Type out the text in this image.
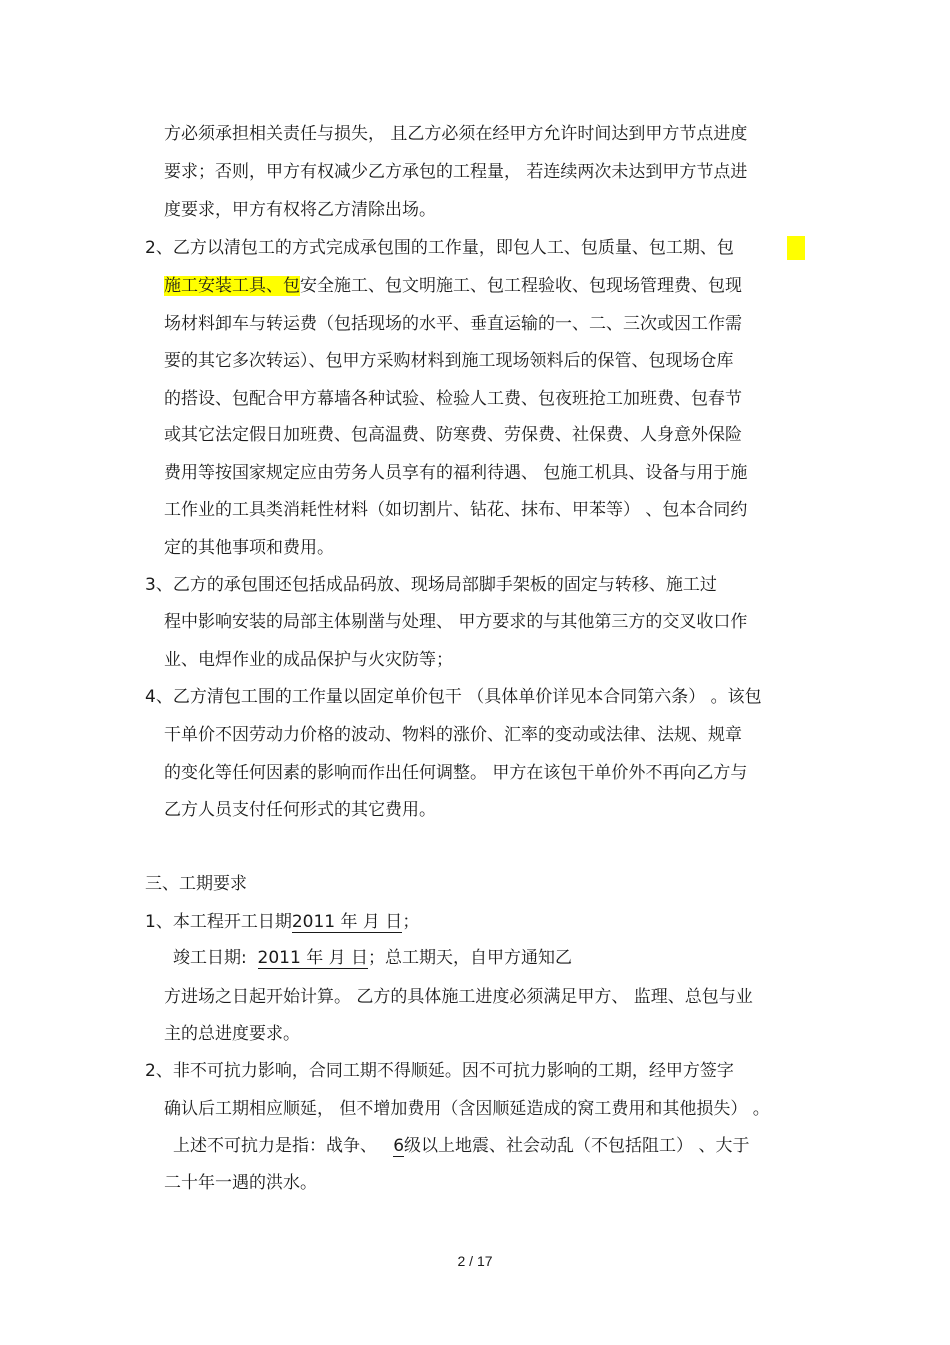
方必须承担相关责任与损失， 且乙方必须在经甲方允许时间达到甲方节点进度
要求；否则，甲方有权减少乙方承包的工程量， 若连续两次未达到甲方节点进
度要求，甲方有权将乙方清除出场。
2、乙方以清包工的方式完成承包围的工作量，即包人工、包质量、包工期、包
施工安装工具、包安全施工、包文明施工、包工程验收、包现场管理费、包现
场材料卸车与转运费（包括现场的水平、垂直运输的一、二、三次或因工作需
要的其它多次转运）、包甲方采购材料到施工现场领料后的保管、包现场仓库
的搭设、包配合甲方幕墙各种试验、检验人工费、包夜班抢工加班费、包春节
或其它法定假日加班费、包高温费、防寒费、劳保费、社保费、人身意外保险
费用等按国家规定应由劳务人员享有的福利待遇、 包施工机具、设备与用于施
工作业的工具类消耗性材料（如切割片、钻花、抹布、甲苯等） 、包本合同约
定的其他事项和费用。
3、乙方的承包围还包括成品码放、现场局部脚手架板的固定与转移、施工过
程中影响安装的局部主体剔凿与处理、 甲方要求的与其他第三方的交叉收口作
业、电焊作业的成品保护与火灾防等；
4、乙方清包工围的工作量以固定单价包干 （具体单价详见本合同第六条） 。该包
干单价不因劳动力价格的波动、物料的涨价、汇率的变动或法律、法规、规章
的变化等任何因素的影响而作出任何调整。 甲方在该包干单价外不再向乙方与
乙方人员支付任何形式的其它费用。
三、工期要求
1、本工程开工日期2011 年 月 日；
竣工日期: 2011 年 月 日；总工期天，自甲方通知乙
方进场之日起开始计算。 乙方的具体施工进度必须满足甲方、 监理、总包与业
主的总进度要求。
2、非不可抗力影响，合同工期不得顺延。因不可抗力影响的工期，经甲方签字
确认后工期相应顺延， 但不增加费用（含因顺延造成的窝工费用和其他损失） 。
上述不可抗力是指：战争、   6级以上地震、社会动乱（不包括阻工） 、大于
二十年一遇的洪水。
2 / 17
